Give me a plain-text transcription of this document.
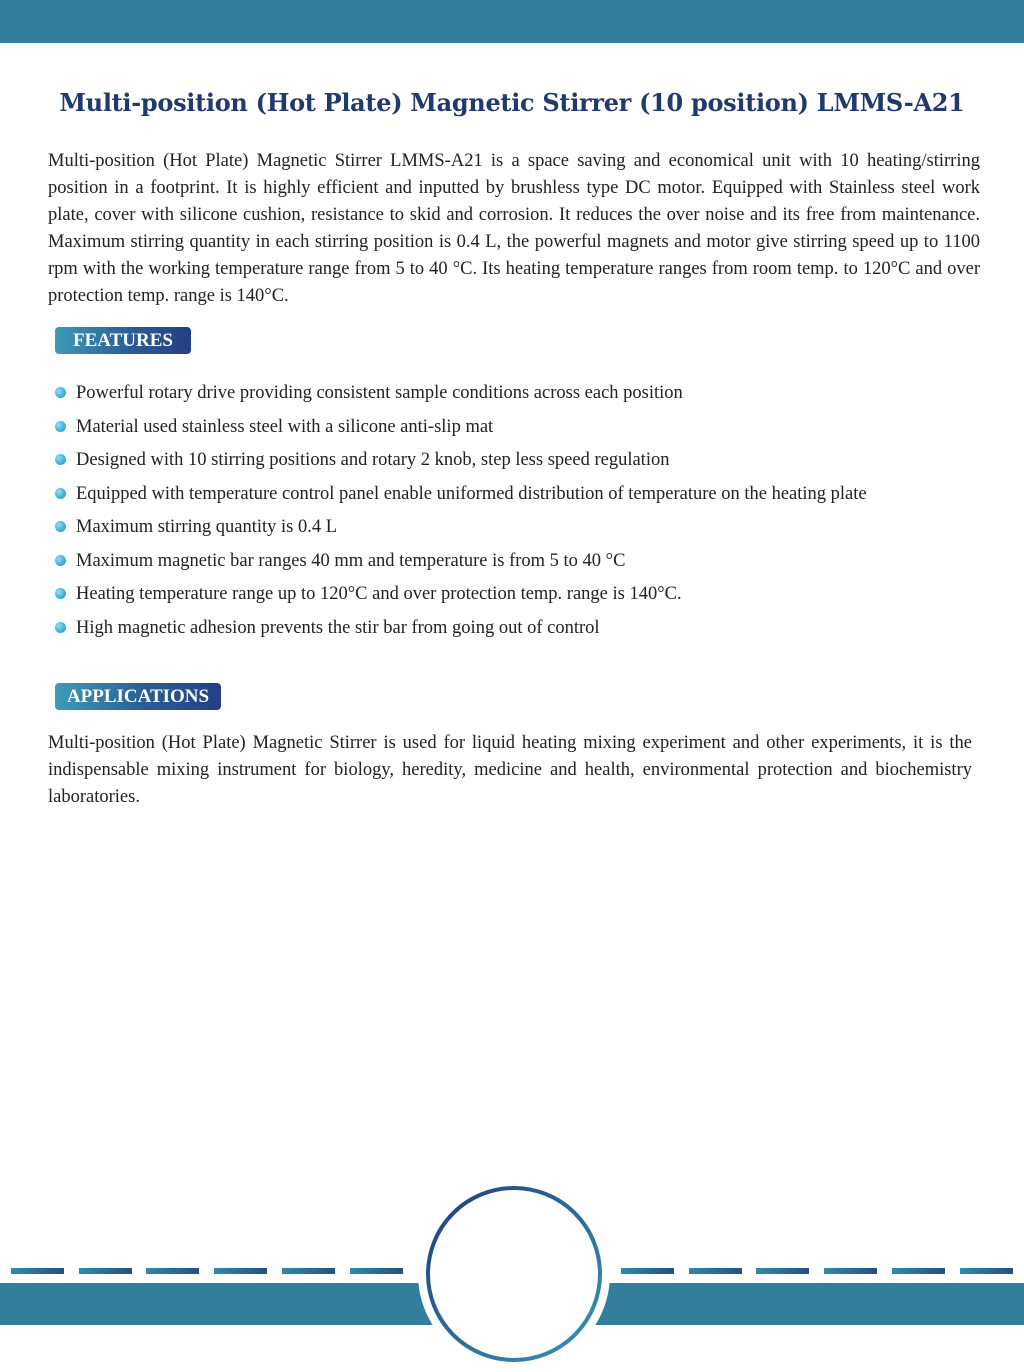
Multi-position (Hot Plate) Magnetic Stirrer (10 position) LMMS-A21

Multi-position (Hot Plate) Magnetic Stirrer LMMS-A21 is a space saving and economical unit with 10 heating/stirring position in a footprint. It is highly efficient and inputted by brushless type DC motor. Equipped with Stainless steel work plate, cover with silicone cushion, resistance to skid and corrosion. It reduces the over noise and its free from maintenance. Maximum stirring quantity in each stirring position is 0.4 L, the powerful magnets and motor give stirring speed up to 1100 rpm with the working temperature range from 5 to 40 °C. Its heating temperature ranges from room temp. to 120°C and over protection temp. range is 140°C.

FEATURES
Powerful rotary drive providing consistent sample conditions across each position
Material used stainless steel with a silicone anti-slip mat
Designed with 10 stirring positions and rotary 2 knob, step less speed regulation
Equipped with temperature control panel enable uniformed distribution of temperature on the heating plate
Maximum stirring quantity is 0.4 L
Maximum magnetic bar ranges 40 mm and temperature is from 5 to 40 °C
Heating temperature range up to 120°C and over protection temp. range is 140°C.
High magnetic adhesion prevents the stir bar from going out of control
APPLICATIONS

Multi-position (Hot Plate) Magnetic Stirrer is used for liquid heating mixing experiment and other experiments, it is the indispensable mixing instrument for biology, heredity, medicine and health, environmental protection and biochemistry laboratories.
